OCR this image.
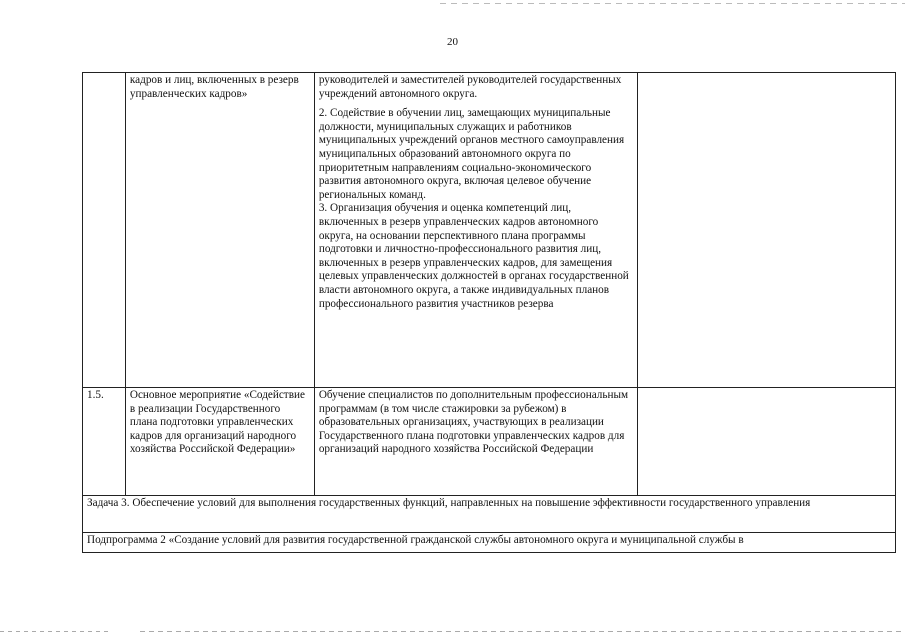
20
	кадров и лиц, включенных в резерв управленческих кадров»	руководителей и заместителей руководителей государственных учреждений автономного округа.

2. Содействие в обучении лиц, замещающих муниципальные должности, муниципальных служащих и работников муниципальных учреждений органов местного самоуправления муниципальных образований автономного округа по приоритетным направлениям социально-экономического развития автономного округа, включая целевое обучение региональных команд.
3. Организация обучения и оценка компетенций лиц, включенных в резерв управленческих кадров автономного округа, на основании перспективного плана программы подготовки и личностно-профессионального развития лиц, включенных в резерв управленческих кадров, для замещения целевых управленческих должностей в органах государственной власти автономного округа, а также индивидуальных планов профессионального развития участников резерва	

1.5.	Основное мероприятие «Содействие в реализации Государственного плана подготовки управленческих кадров для организаций народного хозяйства Российской Федерации»	Обучение специалистов по дополнительным профессиональным программам (в том числе стажировки за рубежом) в образовательных организациях, участвующих в реализации Государственного плана подготовки управленческих кадров для организаций народного хозяйства Российской Федерации	

Задача 3. Обеспечение условий для выполнения государственных функций, направленных на повышение эффективности государственного управления			
Подпрограмма 2 «Создание условий для развития государственной гражданской службы автономного округа и муниципальной службы в			
